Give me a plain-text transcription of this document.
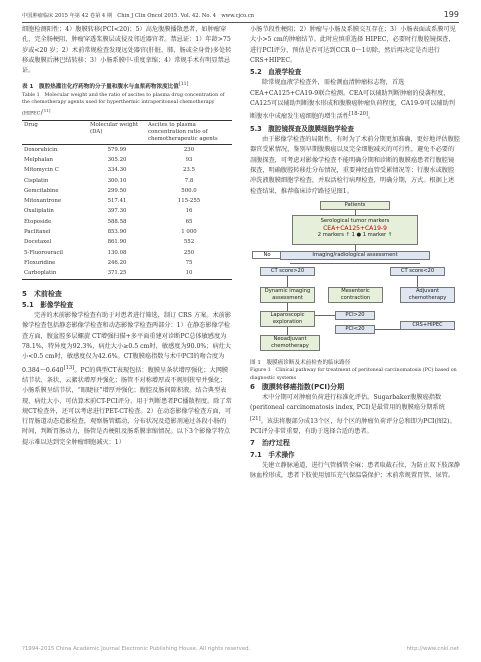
中国肿瘤临床 2015 年第 42 卷第 4 期　Chin J Clin Oncol 2015. Vol. 42. No. 4　www.cjco.cn	199

细胞检测阳性；4）腹膜转移(PCI<20)；5）高危腹膜播散患者，如肿瘤穿孔、完全肠梗阻、肿瘤穿透浆膜层或侵及邻近器官者。禁忌证：1）年龄>75 岁或<20 岁；2）术前常规检查发现远处器官(肝脏、肺、肠或全身骨)多处转移或腹膜后淋巴结转移；3）小肠系膜中-重度挛缩；4）常规手术有明显禁忌证。

表 1　腹腔热灌注化疗药物的分子量和腹水与血浆药物浓度比值[11]
Table 1　Molecular weight and the ratio of ascites to plasma drug concentration of the chemotherapy agents used for hyperthermic intraperitoneal chemotherapy (HIPEC)[11]
Drug	Molecular weight (DA)	Ascites to plasma concentration ratio of chemotherapeutic agents
Doxorubicin	579.99	230
Melphalan	305.20	93
Mitomycin C	334.30	23.5
Cisplatin	300.10	7.8
Gemcitabine	299.50	500.0
Mitoxantrone	517.41	115-255
Oxaliplatin	397.30	16
Etoposide	588.58	65
Paclitaxel	853.90	1 000
Docetaxel	861.90	552
5-Fluorouracil	130.08	250
Floxuridine	246.20	75
Carboplatin	371.25	10
5　术前检查
5.1　影像学检查

完善的术前影像学检查有助于对患者进行筛选，制订 CRS 方案。术前影像学检查包括静态影像学检查和动态影像学检查两部分：1）在静态影像学检查方面，腹盆腔多层螺旋 CT增强扫描+多平面重建对诊断PC总体敏感度为78.1%，特异度为92.3%，病灶大小≥0.5 cm时，敏感度为90.0%；病灶大小<0.5 cm时，敏感度仅为42.6%。CT腹膜癌指数与术中PCI的吻合度为0.384～0.640[13]。PC的典型CT表现包括：腹膜呈条状增厚强化；大网膜结节状、条状、云絮状增厚并强化；肠管不对称增厚或不规则狭窄并强化；小肠系膜呈结节状，“眼睫征”增厚并强化；腹腔及肠间隙积液。结合典型表现，病灶大小，可估算术前CT-PCI评分，用于判断患者PC播散程度。除了常规CT检查外，还可以考虑进行PET-CT检查。2）在动态影像学检查方面，可行胃肠道动态造影检查，观察肠管蠕动，分布状况及造影剂通过各段小肠的时间，判断胃肠动力，肠管是否梗阻及肠系膜挛缩情况。以下3个影像学特点提示难以达到完全肿瘤细胞减灭：1）

小肠节段性梗阻；2）肿瘤与小肠及系膜交互存在；3）小肠表面或系膜可见大小>5 cm的肿瘤结节。此时应慎重选择 HIPEC，必要时行腹腔镜探查，进行PCI评分，预估是否可达到CCR 0～1切除，然后再决定是否进行CRS+HIPEC。

5.2　血液学检查

除常规血液学检查外，需检测血清肿瘤标志物，首选CEA+CA125+CA19-9联合检测。CEA可以辅助判断肿瘤的侵袭程度，CA125可以辅助判断腹水形成和腹膜癌肿瘤负荷程度，CA19-9可以辅助判断腹水中成瘤发生癌细胞的增生活性[18-20]。

5.3　腹腔镜探查及腹膜细胞学检查

由于影像学检查的局限性，有时为了术前分期更加准确，更好地评估腹腔器官受累情况，鉴别早期腹膜癌以及完全细胞减灭的可行性，避免不必要的剖腹探查，可考虑对影像学检查不能明确分期和诊断的腹膜癌患者行腹腔镜探查，明确腹腔转移灶分布情况，重要神经血管受累情况等；行腹水或腹腔冲洗液腹膜细胞学检查，并取活检行病理检查，明确分期，方式。根据上述检查结果，推荐临床诊疗路径见图1。

Patients
Serological tumor markers
CEA+CA125+CA19-9
2 markers ↑ 1 ● 1 marker ↑
No	Imaging/radiological assessment
CT score>20	CT score<20
Dynamic imaging assessment
Mesenteric contraction
Adjuvant chemotherapy
Laparoscopic exploration
PCI>20
PCI<20
CRS+HIPEC
Neoadjuvant chemotherapy
图 1　腹膜癌诊断及术前检查的临床路径
Figure 1　Clinical pathway for treatment of peritoneal carcinomatosis (PC) based on diagnostic systems
6　腹膜转移癌指数(PCI)分期

术中分期可对肿瘤负荷进行标准化评估。Sugarbaker腹膜癌指数(peritoneal carcinomatosis index, PCI)是最常用的腹膜癌分期系统[21]。该法将腹部分成13个区，每个区的肿瘤负荷评分总和即为PCI(图2)。PCI评分非常重要，有助于选择合适的患者。

7　治疗过程
7.1　手术操作

先建立静脉通道，进行气管插管全麻；患者取截石位，为防止双下肢深静脉血栓形成，患者下肢使用加压充气保温袋保护；术前常规置胃管、尿管。

?1994-2015 China Academic Journal Electronic Publishing House. All rights reserved.	http://www.cnki.net
